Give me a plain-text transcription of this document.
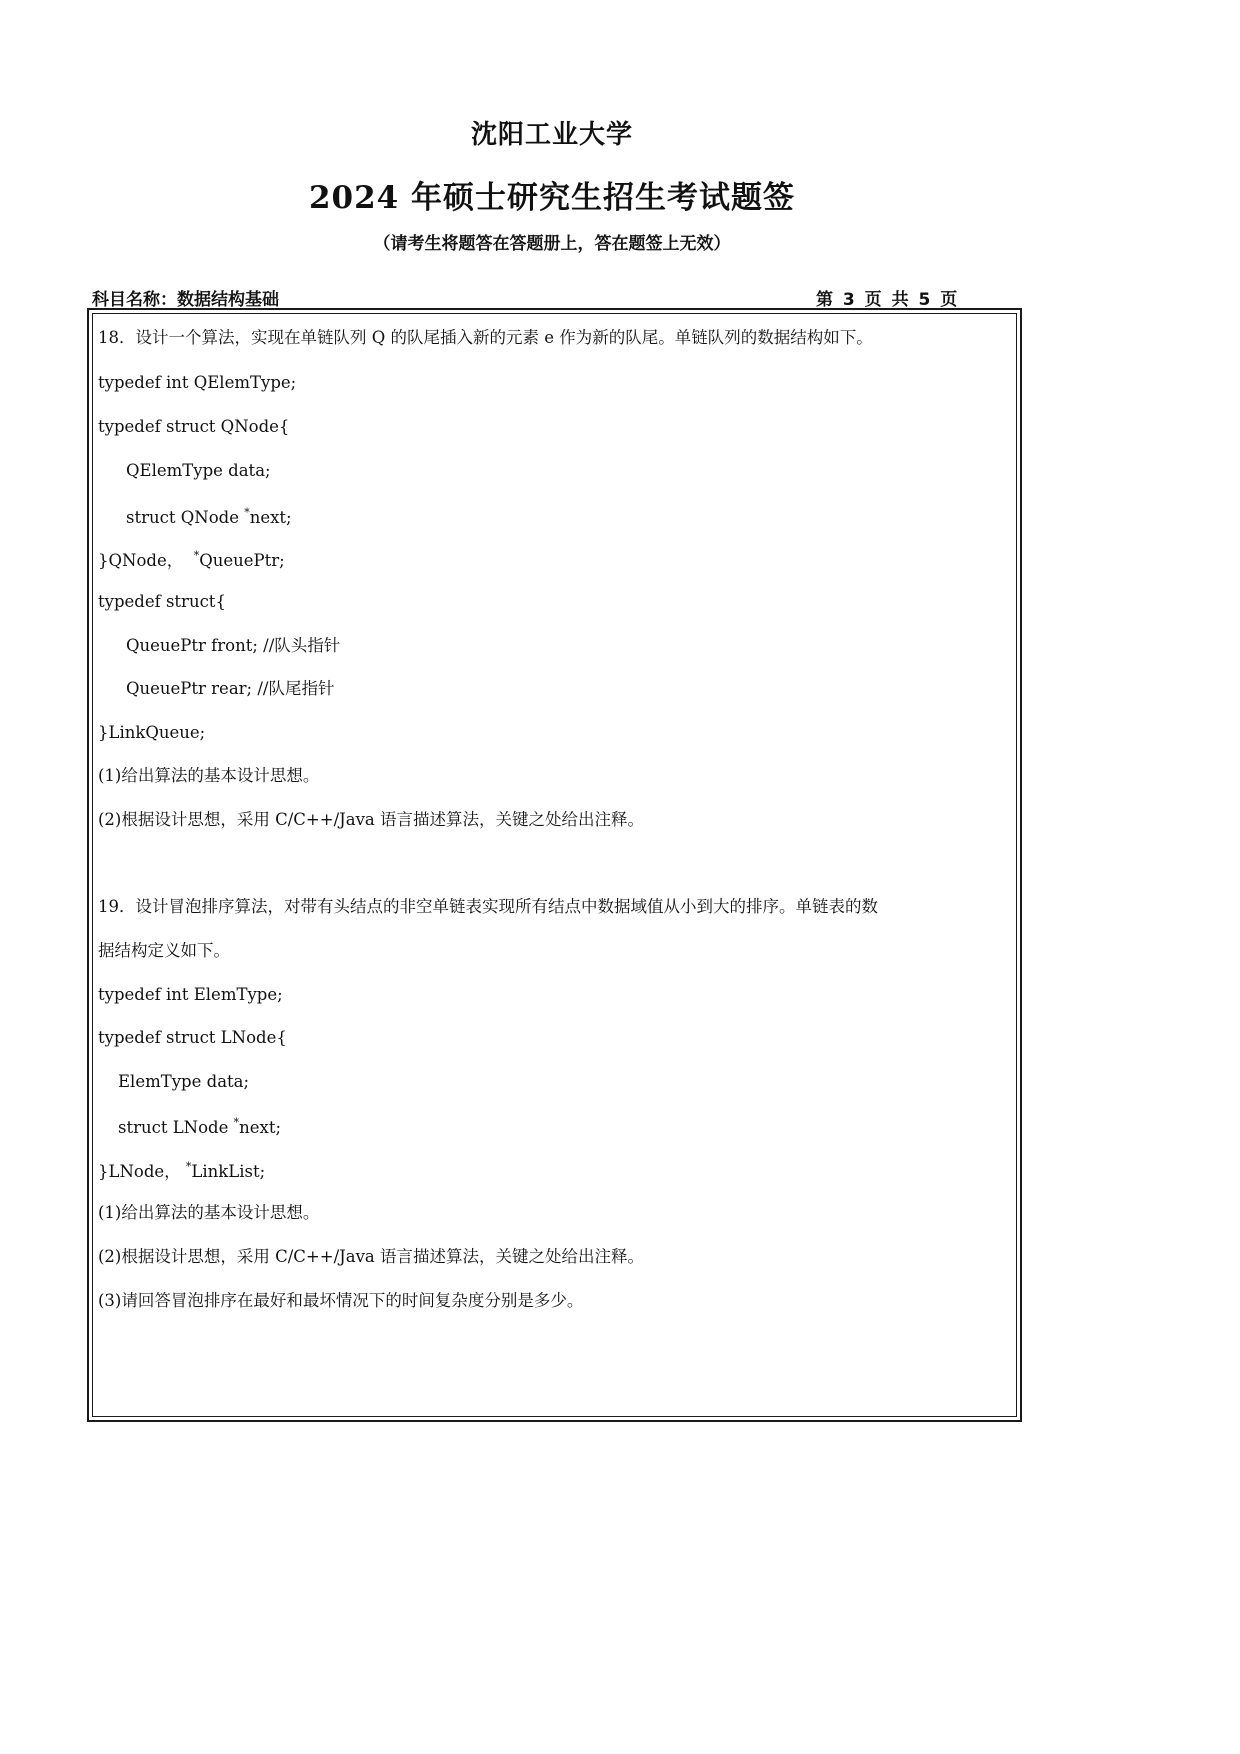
沈阳工业大学
2024 年硕士研究生招生考试题签
（请考生将题答在答题册上，答在题签上无效）
科目名称：数据结构基础	第 3 页 共 5 页
18．设计一个算法，实现在单链队列 Q 的队尾插入新的元素 e 作为新的队尾。单链队列的数据结构如下。
typedef int QElemType;
typedef struct QNode{
QElemType data;
struct QNode *next;
}QNode， *QueuePtr;
typedef struct{
QueuePtr front; //队头指针
QueuePtr rear; //队尾指针
}LinkQueue;
(1)给出算法的基本设计思想。
(2)根据设计思想，采用 C/C++/Java 语言描述算法，关键之处给出注释。
19．设计冒泡排序算法，对带有头结点的非空单链表实现所有结点中数据域值从小到大的排序。单链表的数
据结构定义如下。
typedef int ElemType;
typedef struct LNode{
ElemType data;
struct LNode *next;
}LNode， *LinkList;
(1)给出算法的基本设计思想。
(2)根据设计思想，采用 C/C++/Java 语言描述算法，关键之处给出注释。
(3)请回答冒泡排序在最好和最坏情况下的时间复杂度分别是多少。
